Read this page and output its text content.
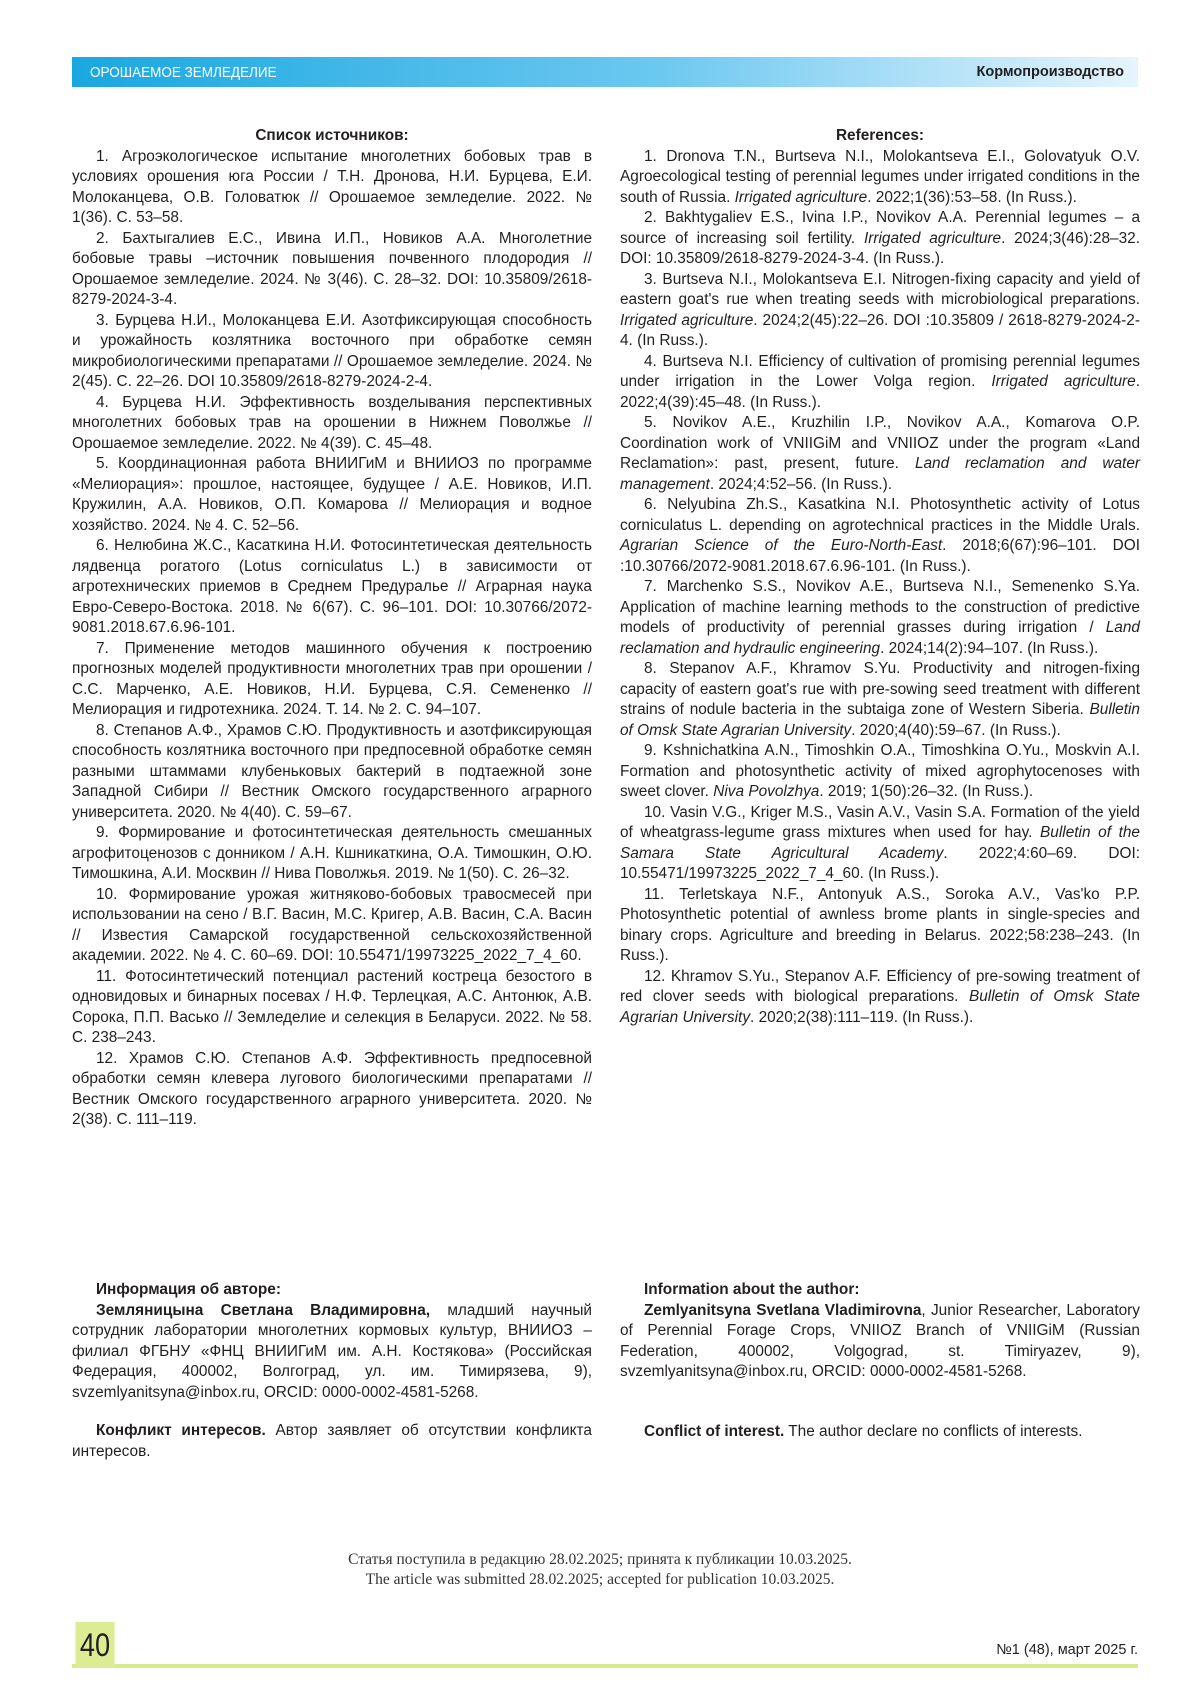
ОРОШАЕМОЕ ЗЕМЛЕДЕЛИЕ	Кормопроизводство
Список источников:

1. Агроэкологическое испытание многолетних бобовых трав в условиях орошения юга России / Т.Н. Дронова, Н.И. Бурцева, Е.И. Молоканцева, О.В. Головатюк // Орошаемое земледелие. 2022. № 1(36). С. 53–58.

2. Бахтыгалиев Е.С., Ивина И.П., Новиков А.А. Многолетние бобовые травы –источник повышения почвенного плодородия // Орошаемое земледелие. 2024. № 3(46). С. 28–32. DOI: 10.35809/2618-8279-2024-3-4.

3. Бурцева Н.И., Молоканцева Е.И. Азотфиксирующая способность и урожайность козлятника восточного при обработке семян микробиологическими препаратами // Орошаемое земледелие. 2024. № 2(45). С. 22–26. DOI 10.35809/2618-8279-2024-2-4.

4. Бурцева Н.И. Эффективность возделывания перспективных многолетних бобовых трав на орошении в Нижнем Поволжье // Орошаемое земледелие. 2022. № 4(39). С. 45–48.

5. Координационная работа ВНИИГиМ и ВНИИОЗ по программе «Мелиорация»: прошлое, настоящее, будущее / А.Е. Новиков, И.П. Кружилин, А.А. Новиков, О.П. Комарова // Мелиорация и водное хозяйство. 2024. № 4. С. 52–56.

6. Нелюбина Ж.С., Касаткина Н.И. Фотосинтетическая деятельность лядвенца рогатого (Lotus corniculatus L.) в зависимости от агротехнических приемов в Среднем Предуралье // Аграрная наука Евро-Северо-Востока. 2018. № 6(67). С. 96–101. DOI: 10.30766/2072-9081.2018.67.6.96-101.

7. Применение методов машинного обучения к построению прогнозных моделей продуктивности многолетних трав при орошении / С.С. Марченко, А.Е. Новиков, Н.И. Бурцева, С.Я. Семененко // Мелиорация и гидротехника. 2024. Т. 14. № 2. С. 94–107.

8. Степанов А.Ф., Храмов С.Ю. Продуктивность и азотфиксирующая способность козлятника восточного при предпосевной обработке семян разными штаммами клубеньковых бактерий в подтаежной зоне Западной Сибири // Вестник Омского государственного аграрного университета. 2020. № 4(40). С. 59–67.

9. Формирование и фотосинтетическая деятельность смешанных агрофитоценозов с донником / А.Н. Кшникаткина, О.А. Тимошкин, О.Ю. Тимошкина, А.И. Москвин // Нива Поволжья. 2019. № 1(50). С. 26–32.

10. Формирование урожая житняково-бобовых травосмесей при использовании на сено / В.Г. Васин, М.С. Кригер, А.В. Васин, С.А. Васин // Известия Самарской государственной сельскохозяйственной академии. 2022. № 4. С. 60–69. DOI: 10.55471/19973225_2022_7_4_60.

11. Фотосинтетический потенциал растений кострeца безостого в одновидовых и бинарных посевах / Н.Ф. Терлецкая, А.С. Антонюк, А.В. Сорока, П.П. Васько // Земледелие и селекция в Беларуси. 2022. № 58. С. 238–243.

12. Храмов С.Ю. Степанов А.Ф. Эффективность предпосевной обработки семян клевера лугового биологическими препаратами // Вестник Омского государственного аграрного университета. 2020. № 2(38). С. 111–119.

References:

1. Dronova T.N., Burtseva N.I., Molokantseva E.I., Golovatyuk O.V. Agroecological testing of perennial legumes under irrigated conditions in the south of Russia. Irrigated agriculture. 2022;1(36):53–58. (In Russ.).

2. Bakhtygaliev E.S., Ivina I.P., Novikov A.A. Perennial legumes – a source of increasing soil fertility. Irrigated agriculture. 2024;3(46):28–32. DOI: 10.35809/2618-8279-2024-3-4. (In Russ.).

3. Burtseva N.I., Molokantseva E.I. Nitrogen-fixing capacity and yield of eastern goat's rue when treating seeds with microbiological preparations. Irrigated agriculture. 2024;2(45):22–26. DOI :10.35809 / 2618-8279-2024-2-4. (In Russ.).

4. Burtseva N.I. Efficiency of cultivation of promising perennial legumes under irrigation in the Lower Volga region. Irrigated agriculture. 2022;4(39):45–48. (In Russ.).

5. Novikov A.E., Kruzhilin I.P., Novikov A.A., Komarova O.P. Coordination work of VNIIGiM and VNIIOZ under the program «Land Reclamation»: past, present, future. Land reclamation and water management. 2024;4:52–56. (In Russ.).

6. Nelyubina Zh.S., Kasatkina N.I. Photosynthetic activity of Lotus corniculatus L. depending on agrotechnical practices in the Middle Urals. Agrarian Science of the Euro-North-East. 2018;6(67):96–101. DOI :10.30766/2072-9081.2018.67.6.96-101. (In Russ.).

7. Marchenko S.S., Novikov A.E., Burtseva N.I., Semenenko S.Ya. Application of machine learning methods to the construction of predictive models of productivity of perennial grasses during irrigation / Land reclamation and hydraulic engineering. 2024;14(2):94–107. (In Russ.).

8. Stepanov A.F., Khramov S.Yu. Productivity and nitrogen-fixing capacity of eastern goat's rue with pre-sowing seed treatment with different strains of nodule bacteria in the subtaiga zone of Western Siberia. Bulletin of Omsk State Agrarian University. 2020;4(40):59–67. (In Russ.).

9. Kshnichatkina A.N., Timoshkin O.A., Timoshkina O.Yu., Moskvin A.I. Formation and photosynthetic activity of mixed agrophytocenoses with sweet clover. Niva Povolzhya. 2019; 1(50):26–32. (In Russ.).

10. Vasin V.G., Kriger M.S., Vasin A.V., Vasin S.A. Formation of the yield of wheatgrass-legume grass mixtures when used for hay. Bulletin of the Samara State Agricultural Academy. 2022;4:60–69. DOI: 10.55471/19973225_2022_7_4_60. (In Russ.).

11. Terletskaya N.F., Antonyuk A.S., Soroka A.V., Vas'ko P.P. Photosynthetic potential of awnless brome plants in single-species and binary crops. Agriculture and breeding in Belarus. 2022;58:238–243. (In Russ.).

12. Khramov S.Yu., Stepanov A.F. Efficiency of pre-sowing treatment of red clover seeds with biological preparations. Bulletin of Omsk State Agrarian University. 2020;2(38):111–119. (In Russ.).

Информация об авторе:

Земляницына Светлана Владимировна, младший научный сотрудник лаборатории многолетних кормовых культур, ВНИИОЗ – филиал ФГБНУ «ФНЦ ВНИИГиМ им. А.Н. Костякова» (Российская Федерация, 400002, Волгоград, ул. им. Тимирязева, 9), svzemlyanitsyna@inbox.ru, ORCID: 0000-0002-4581-5268.

Конфликт интересов. Автор заявляет об отсутствии конфликта интересов.

Information about the author:

Zemlyanitsyna Svetlana Vladimirovna, Junior Researcher, Laboratory of Perennial Forage Crops, VNIIOZ Branch of VNIIGiM (Russian Federation, 400002, Volgograd, st. Timiryazev, 9), svzemlyanitsyna@inbox.ru, ORCID: 0000-0002-4581-5268.

Conflict of interest. The author declare no conflicts of interests.

Статья поступила в редакцию 28.02.2025; принята к публикации 10.03.2025.
The article was submitted 28.02.2025; accepted for publication 10.03.2025.
40	№1 (48), март 2025 г.
